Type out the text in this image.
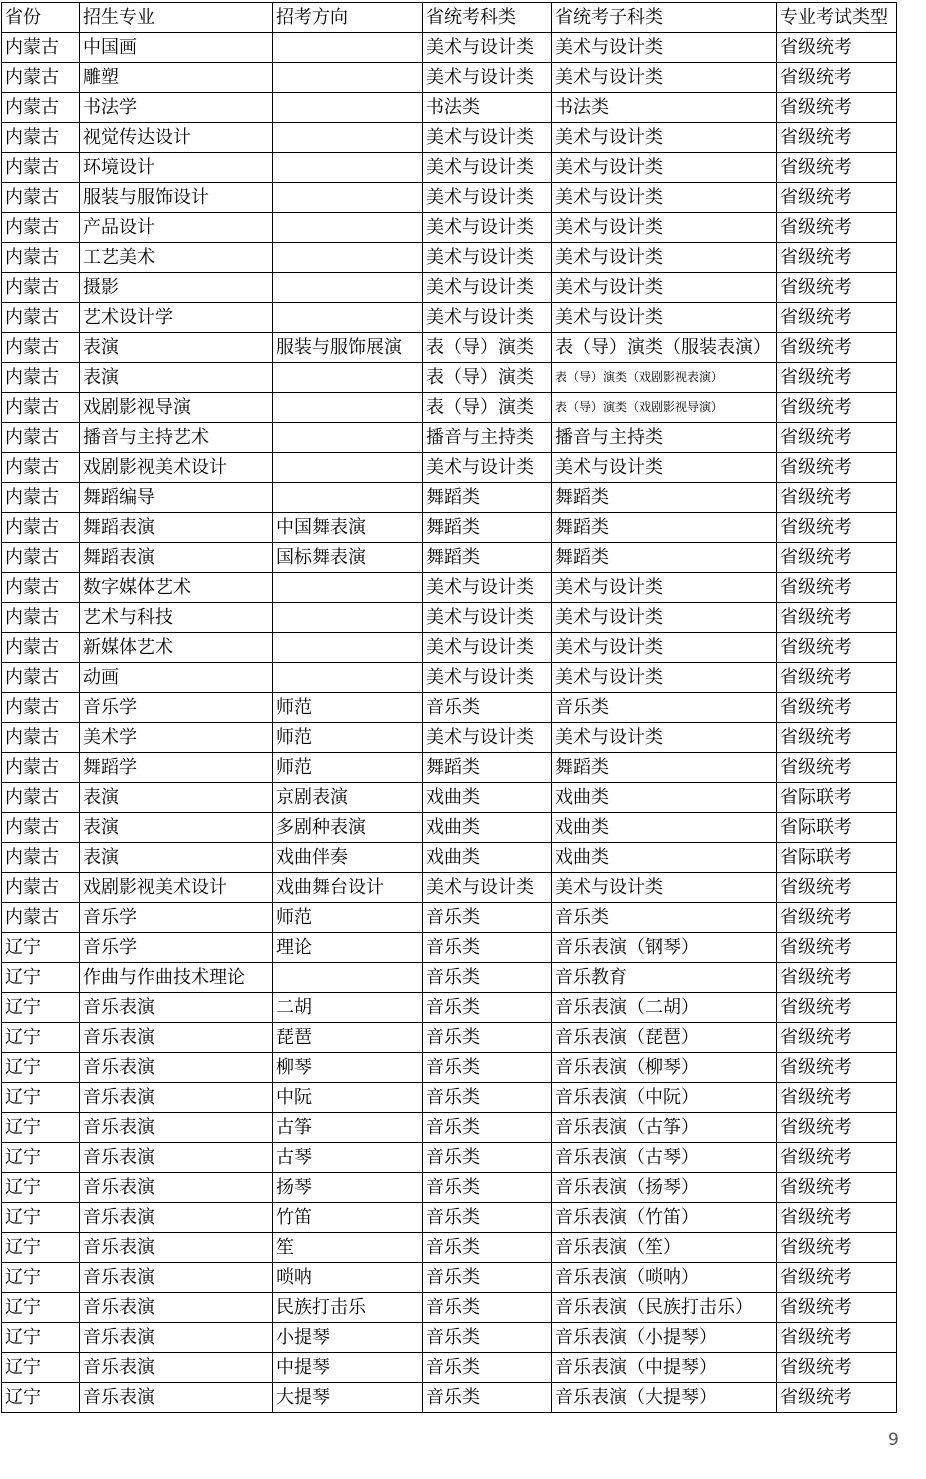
省份	招生专业	招考方向	省统考科类	省统考子科类	专业考试类型
内蒙古	中国画		美术与设计类	美术与设计类	省级统考
内蒙古	雕塑		美术与设计类	美术与设计类	省级统考
内蒙古	书法学		书法类	书法类	省级统考
内蒙古	视觉传达设计		美术与设计类	美术与设计类	省级统考
内蒙古	环境设计		美术与设计类	美术与设计类	省级统考
内蒙古	服装与服饰设计		美术与设计类	美术与设计类	省级统考
内蒙古	产品设计		美术与设计类	美术与设计类	省级统考
内蒙古	工艺美术		美术与设计类	美术与设计类	省级统考
内蒙古	摄影		美术与设计类	美术与设计类	省级统考
内蒙古	艺术设计学		美术与设计类	美术与设计类	省级统考
内蒙古	表演	服装与服饰展演	表（导）演类	表（导）演类（服装表演）	省级统考
内蒙古	表演		表（导）演类	表（导）演类（戏剧影视表演）	省级统考
内蒙古	戏剧影视导演		表（导）演类	表（导）演类（戏剧影视导演）	省级统考
内蒙古	播音与主持艺术		播音与主持类	播音与主持类	省级统考
内蒙古	戏剧影视美术设计		美术与设计类	美术与设计类	省级统考
内蒙古	舞蹈编导		舞蹈类	舞蹈类	省级统考
内蒙古	舞蹈表演	中国舞表演	舞蹈类	舞蹈类	省级统考
内蒙古	舞蹈表演	国标舞表演	舞蹈类	舞蹈类	省级统考
内蒙古	数字媒体艺术		美术与设计类	美术与设计类	省级统考
内蒙古	艺术与科技		美术与设计类	美术与设计类	省级统考
内蒙古	新媒体艺术		美术与设计类	美术与设计类	省级统考
内蒙古	动画		美术与设计类	美术与设计类	省级统考
内蒙古	音乐学	师范	音乐类	音乐类	省级统考
内蒙古	美术学	师范	美术与设计类	美术与设计类	省级统考
内蒙古	舞蹈学	师范	舞蹈类	舞蹈类	省级统考
内蒙古	表演	京剧表演	戏曲类	戏曲类	省际联考
内蒙古	表演	多剧种表演	戏曲类	戏曲类	省际联考
内蒙古	表演	戏曲伴奏	戏曲类	戏曲类	省际联考
内蒙古	戏剧影视美术设计	戏曲舞台设计	美术与设计类	美术与设计类	省级统考
内蒙古	音乐学	师范	音乐类	音乐类	省级统考
辽宁	音乐学	理论	音乐类	音乐表演（钢琴）	省级统考
辽宁	作曲与作曲技术理论		音乐类	音乐教育	省级统考
辽宁	音乐表演	二胡	音乐类	音乐表演（二胡）	省级统考
辽宁	音乐表演	琵琶	音乐类	音乐表演（琵琶）	省级统考
辽宁	音乐表演	柳琴	音乐类	音乐表演（柳琴）	省级统考
辽宁	音乐表演	中阮	音乐类	音乐表演（中阮）	省级统考
辽宁	音乐表演	古筝	音乐类	音乐表演（古筝）	省级统考
辽宁	音乐表演	古琴	音乐类	音乐表演（古琴）	省级统考
辽宁	音乐表演	扬琴	音乐类	音乐表演（扬琴）	省级统考
辽宁	音乐表演	竹笛	音乐类	音乐表演（竹笛）	省级统考
辽宁	音乐表演	笙	音乐类	音乐表演（笙）	省级统考
辽宁	音乐表演	唢呐	音乐类	音乐表演（唢呐）	省级统考
辽宁	音乐表演	民族打击乐	音乐类	音乐表演（民族打击乐）	省级统考
辽宁	音乐表演	小提琴	音乐类	音乐表演（小提琴）	省级统考
辽宁	音乐表演	中提琴	音乐类	音乐表演（中提琴）	省级统考
辽宁	音乐表演	大提琴	音乐类	音乐表演（大提琴）	省级统考
9
